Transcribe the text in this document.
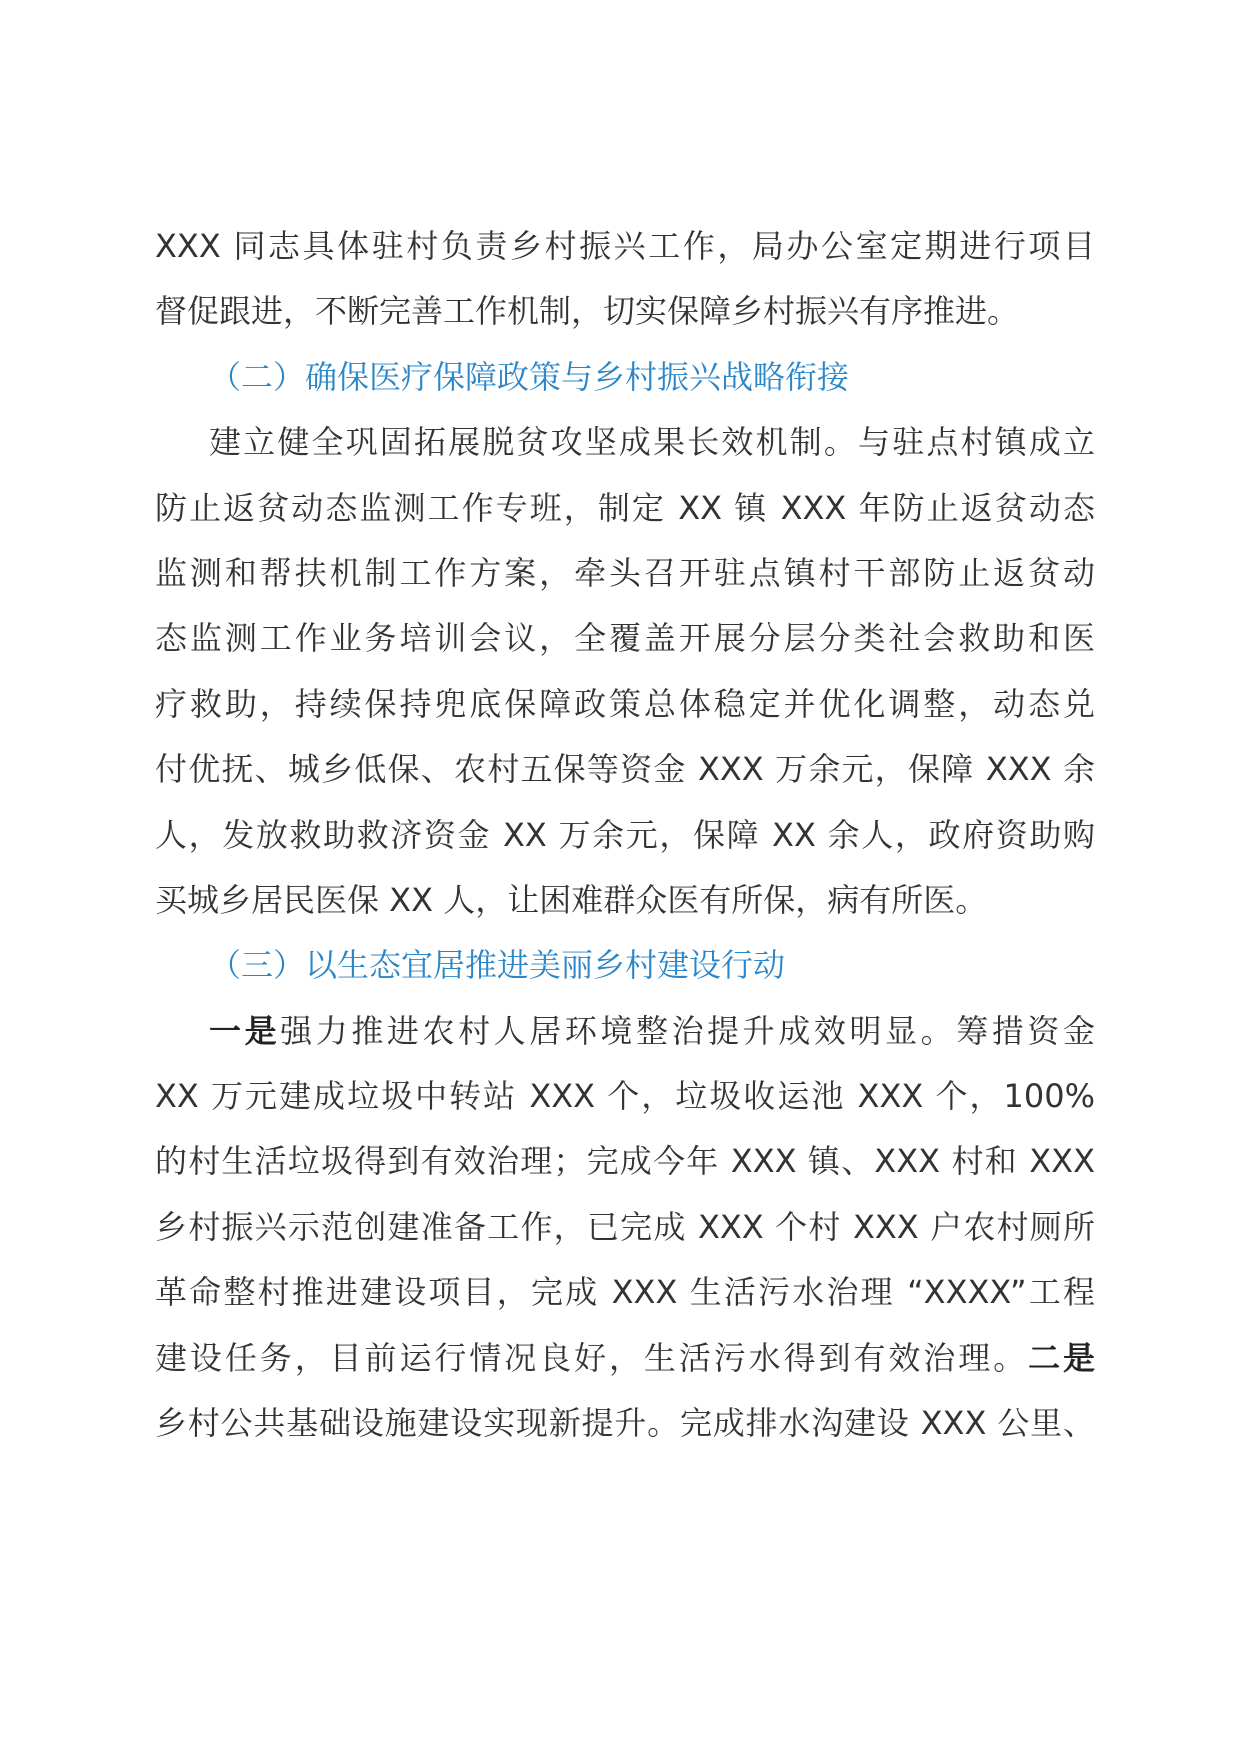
XXX 同志具体驻村负责乡村振兴工作，局办公室定期进行项目
督促跟进，不断完善工作机制，切实保障乡村振兴有序推进。
（二）确保医疗保障政策与乡村振兴战略衔接
建立健全巩固拓展脱贫攻坚成果长效机制。与驻点村镇成立
防止返贫动态监测工作专班，制定 XX 镇 XXX 年防止返贫动态
监测和帮扶机制工作方案，牵头召开驻点镇村干部防止返贫动
态监测工作业务培训会议，全覆盖开展分层分类社会救助和医
疗救助，持续保持兜底保障政策总体稳定并优化调整，动态兑
付优抚、城乡低保、农村五保等资金 XXX 万余元，保障 XXX 余
人，发放救助救济资金 XX 万余元，保障 XX 余人，政府资助购
买城乡居民医保 XX 人，让困难群众医有所保，病有所医。
（三）以生态宜居推进美丽乡村建设行动
一是强力推进农村人居环境整治提升成效明显。筹措资金
XX 万元建成垃圾中转站 XXX 个，垃圾收运池 XXX 个，100%
的村生活垃圾得到有效治理；完成今年 XXX 镇、XXX 村和 XXX
乡村振兴示范创建准备工作，已完成 XXX 个村 XXX 户农村厕所
革命整村推进建设项目，完成 XXX 生活污水治理 “XXXX”工程
建设任务，目前运行情况良好，生活污水得到有效治理。二是
乡村公共基础设施建设实现新提升。完成排水沟建设 XXX 公里、
